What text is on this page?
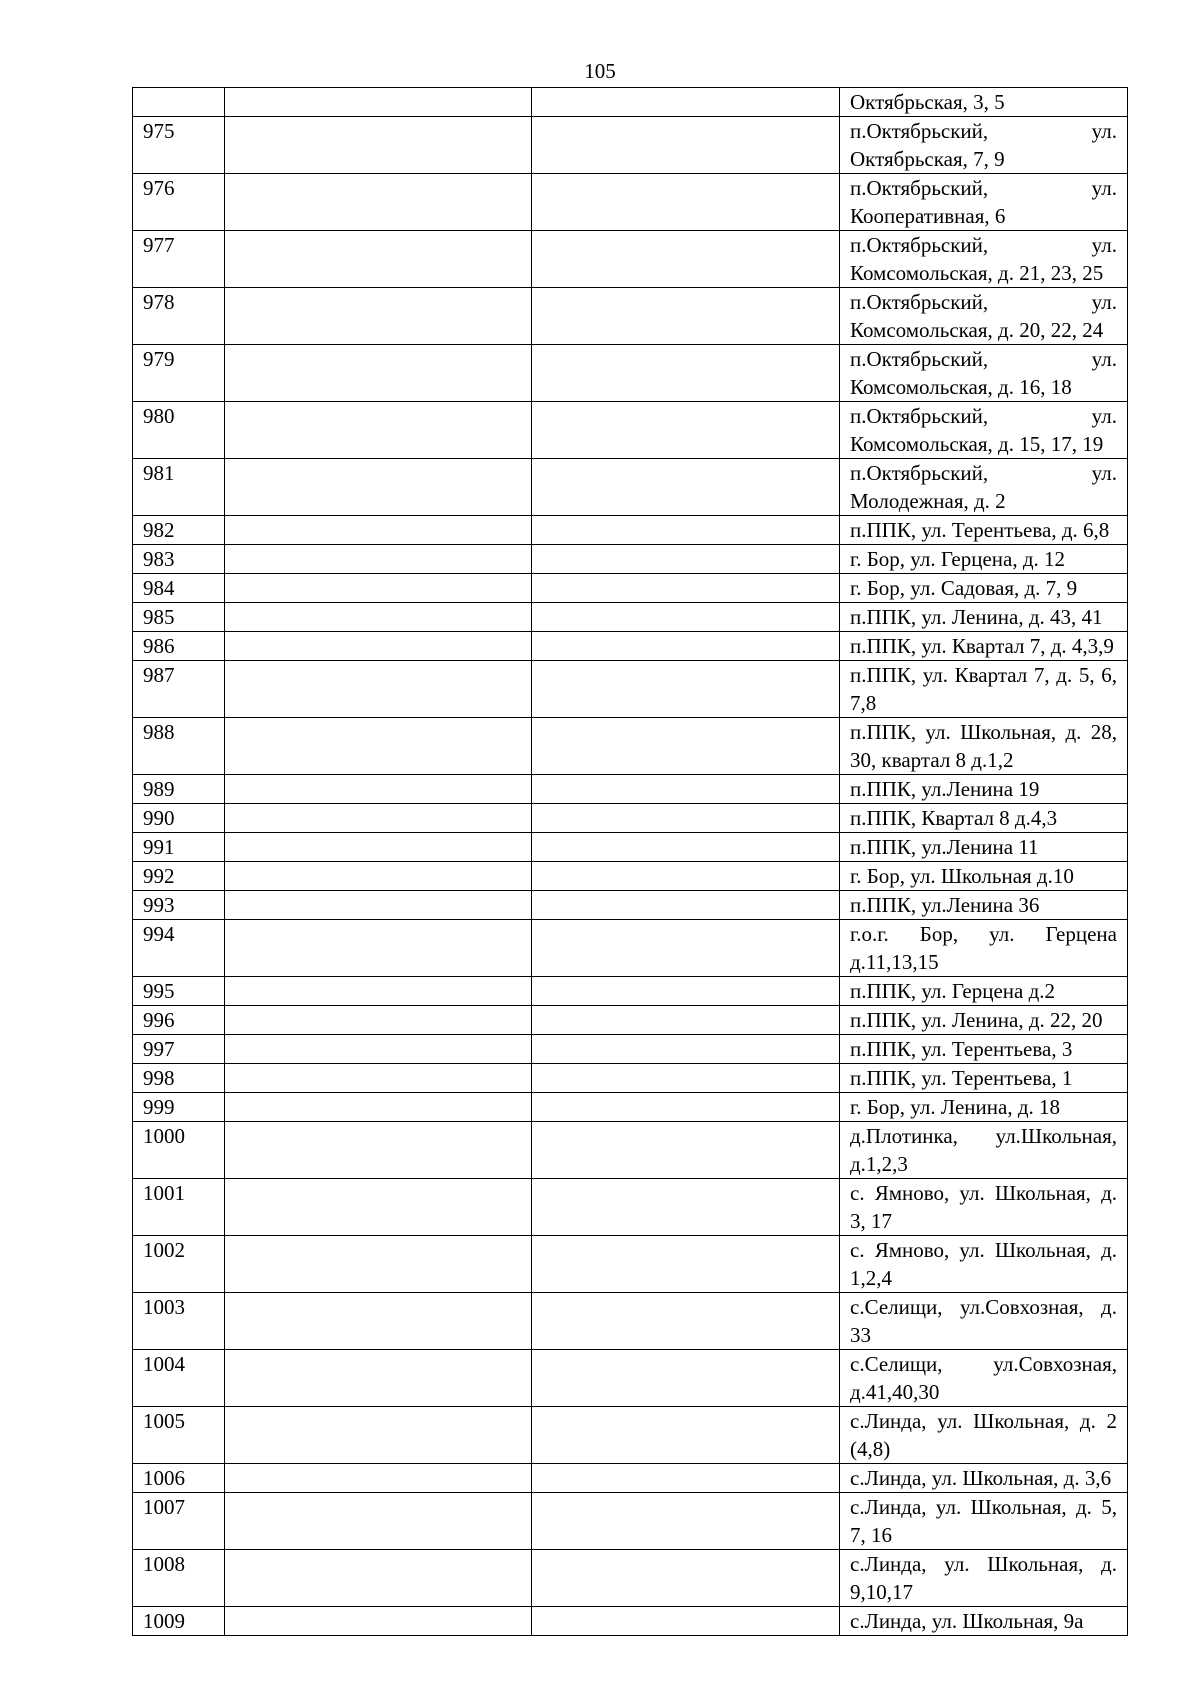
105
			Октябрьская, 3, 5
975			п.Октябрьский, ул. Октябрьская, 7, 9
976			п.Октябрьский, ул. Кооперативная, 6
977			п.Октябрьский, ул. Комсомольская, д. 21, 23, 25
978			п.Октябрьский, ул. Комсомольская, д. 20, 22, 24
979			п.Октябрьский, ул. Комсомольская, д. 16, 18
980			п.Октябрьский, ул. Комсомольская, д. 15, 17, 19
981			п.Октябрьский, ул. Молодежная, д. 2
982			п.ППК, ул. Терентьева, д. 6,8
983			г. Бор, ул. Герцена, д. 12
984			г. Бор, ул. Садовая, д. 7, 9
985			п.ППК, ул. Ленина, д. 43, 41
986			п.ППК, ул. Квартал 7, д. 4,3,9
987			п.ППК, ул. Квартал 7, д. 5, 6, 7,8
988			п.ППК, ул. Школьная, д. 28, 30, квартал 8 д.1,2
989			п.ППК, ул.Ленина 19
990			п.ППК, Квартал 8 д.4,3
991			п.ППК, ул.Ленина 11
992			г. Бор, ул. Школьная д.10
993			п.ППК, ул.Ленина 36
994			г.о.г. Бор, ул. Герцена д.11,13,15
995			п.ППК, ул. Герцена д.2
996			п.ППК, ул. Ленина, д. 22, 20
997			п.ППК, ул. Терентьева, 3
998			п.ППК, ул. Терентьева, 1
999			г. Бор, ул. Ленина, д. 18
1000			д.Плотинка, ул.Школьная, д.1,2,3
1001			с. Ямново, ул. Школьная, д. 3, 17
1002			с. Ямново, ул. Школьная, д. 1,2,4
1003			с.Селищи, ул.Совхозная, д. 33
1004			с.Селищи, ул.Совхозная, д.41,40,30
1005			с.Линда, ул. Школьная, д. 2 (4,8)
1006			с.Линда, ул. Школьная, д. 3,6
1007			с.Линда, ул. Школьная, д. 5, 7, 16
1008			с.Линда, ул. Школьная, д. 9,10,17
1009			с.Линда, ул. Школьная, 9а
